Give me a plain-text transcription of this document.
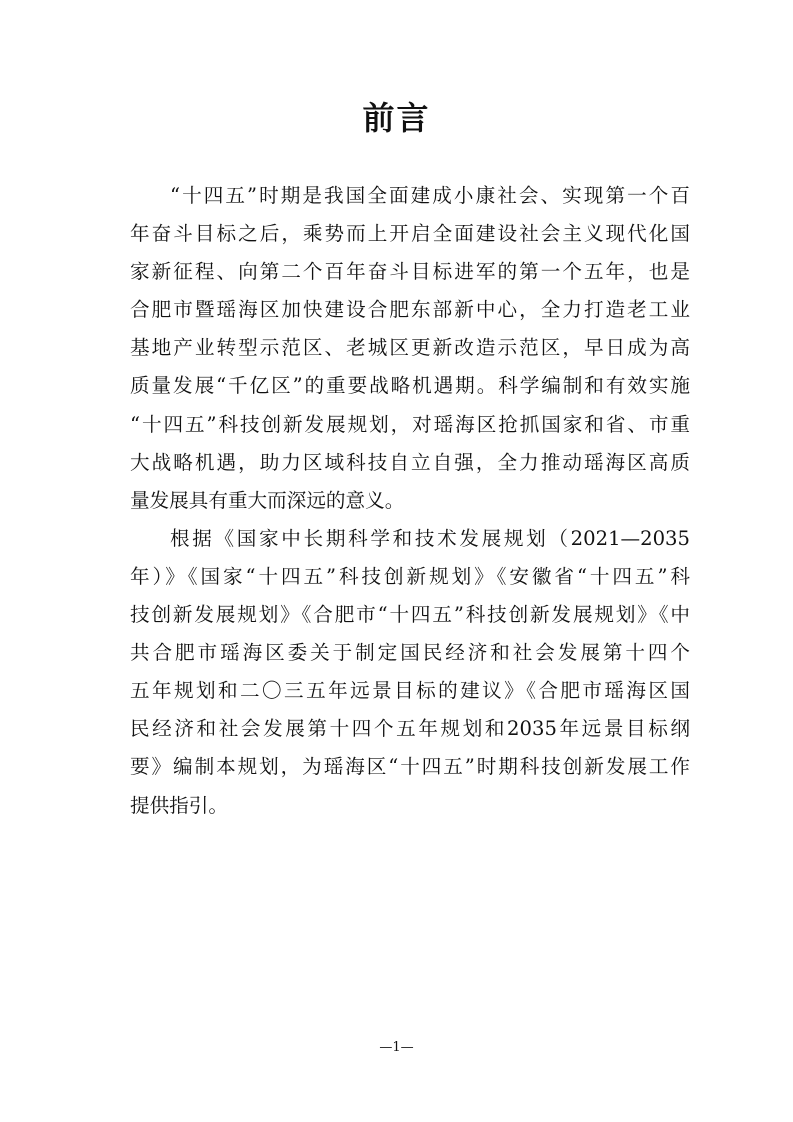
前言
“十四五”时期是我国全面建成小康社会、实现第一个百
年奋斗目标之后，乘势而上开启全面建设社会主义现代化国
家新征程、向第二个百年奋斗目标进军的第一个五年，也是
合肥市暨瑶海区加快建设合肥东部新中心，全力打造老工业
基地产业转型示范区、老城区更新改造示范区，早日成为高
质量发展“千亿区”的重要战略机遇期。科学编制和有效实施
“十四五”科技创新发展规划，对瑶海区抢抓国家和省、市重
大战略机遇，助力区域科技自立自强，全力推动瑶海区高质
量发展具有重大而深远的意义。
根据《国家中长期科学和技术发展规划（2021—2035
年）》《国家“十四五”科技创新规划》《安徽省“十四五”科
技创新发展规划》《合肥市“十四五”科技创新发展规划》《中
共合肥市瑶海区委关于制定国民经济和社会发展第十四个
五年规划和二〇三五年远景目标的建议》《合肥市瑶海区国
民经济和社会发展第十四个五年规划和2035年远景目标纲
要》编制本规划，为瑶海区“十四五”时期科技创新发展工作
提供指引。
—1—
